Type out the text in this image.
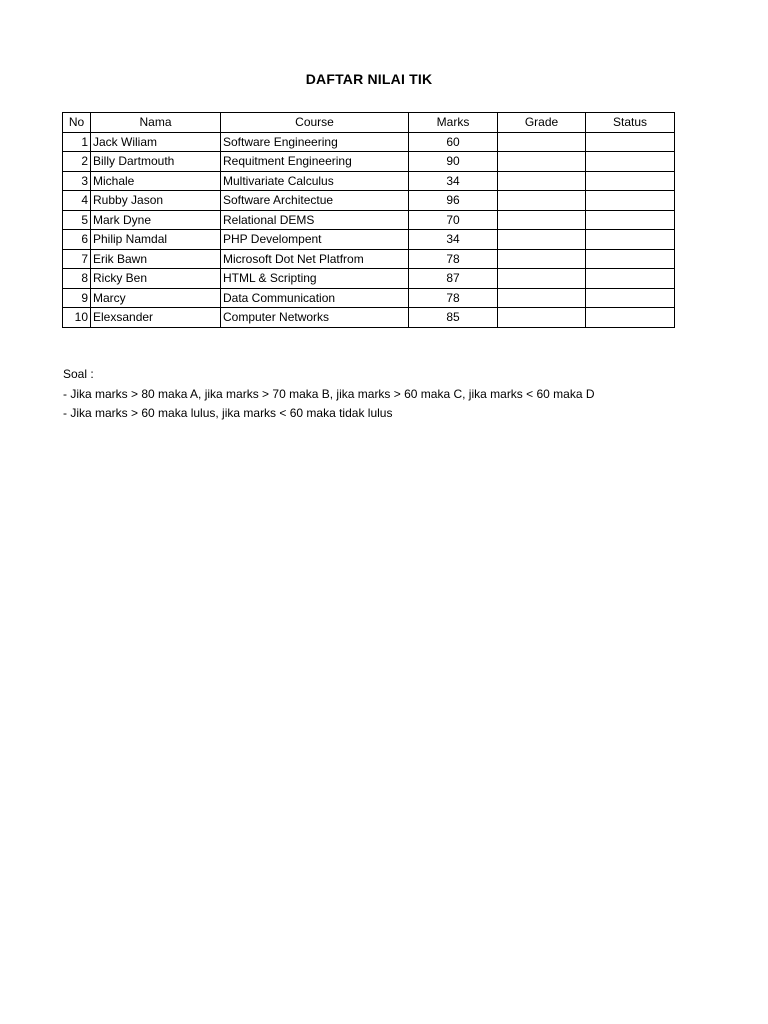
DAFTAR NILAI TIK
No	Nama	Course	Marks	Grade	Status
1	Jack Wiliam	Software Engineering	60		
2	Billy Dartmouth	Requitment Engineering	90		
3	Michale	Multivariate Calculus	34		
4	Rubby Jason	Software Architectue	96		
5	Mark Dyne	Relational DEMS	70		
6	Philip Namdal	PHP Develompent	34		
7	Erik Bawn	Microsoft Dot Net Platfrom	78		
8	Ricky Ben	HTML & Scripting	87		
9	Marcy	Data Communication	78		
10	Elexsander	Computer Networks	85		
Soal :
- Jika marks > 80 maka A, jika marks > 70 maka B, jika marks > 60 maka C, jika marks < 60 maka D
- Jika marks > 60 maka lulus, jika marks < 60 maka tidak lulus
